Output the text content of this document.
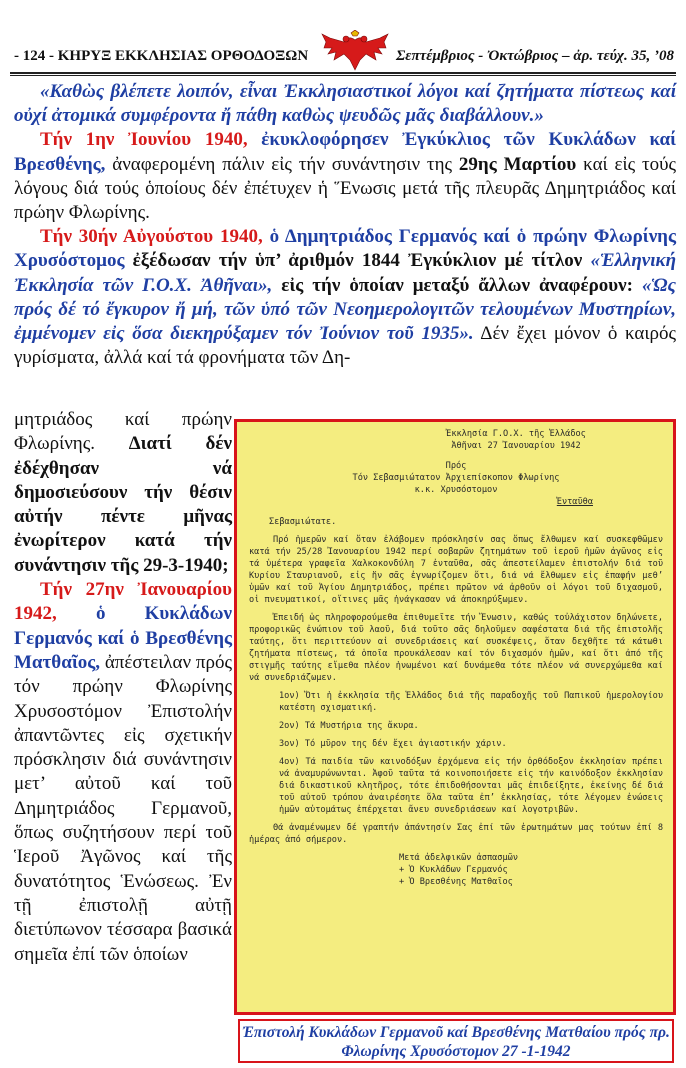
- 124 - ΚΗΡΥΞ ΕΚΚΛΗΣΙΑΣ ΟΡΘΟΔΟΞΩΝ	Σεπτέμβριος - Ὀκτώβριος – ἀρ. τεύχ. 35, ’08

«Καθὼς βλέπετε λοιπόν, εἶναι Ἐκκλησιαστικοί λόγοι καί ζητήματα πίστεως καί οὐχί ἀτομικά συμφέροντα ἤ πάθη καθὼς ψευδῶς μᾶς διαβάλλουν.»

Τήν 1ην Ἰουνίου 1940, ἐκυκλοφόρησεν Ἐγκύκλιος τῶν Κυκλάδων καί Βρεσθένης, ἀναφερομένη πάλιν εἰς τήν συνάντησιν της 29ης Μαρτίου καί εἰς τούς λόγους διά τούς ὁποίους δέν ἐπέτυχεν ἡ Ἕνωσις μετά τῆς πλευρᾶς Δημητριάδος καί πρώην Φλωρίνης.

Τήν 30ήν Αὐγούστου 1940, ὁ Δημητριάδος Γερμανός καί ὁ πρώην Φλωρίνης Χρυσόστομος ἐξέδωσαν τήν ὑπ’ ἀριθμόν 1844 Ἐγκύκλιον μέ τίτλον «Ἑλληνική Ἐκκλησία τῶν Γ.Ο.Χ. Ἀθῆναι», εἰς τήν ὁποίαν μεταξύ ἄλλων ἀναφέρουν: «Ὡς πρός δέ τό ἔγκυρον ἤ μή, τῶν ὑπό τῶν Νεοημερολογιτῶν τελουμένων Μυστηρίων, ἐμμένομεν εἰς ὅσα διεκηρύξαμεν τόν Ἰούνιον τοῦ 1935». Δέν ἔχει μόνον ὁ καιρός γυρίσματα, ἀλλά καί τά φρονήματα τῶν Δη-

μητριάδος καί πρώην Φλωρίνης. Διατί δέν ἐδέχθησαν νά δημοσιεύσουν τήν θέσιν αὐτήν πέντε μῆνας ἐνωρίτερον κατά τήν συνάντησιν τῆς 29-3-1940;

Τήν 27ην Ἰανουαρίου 1942, ὁ Κυκλάδων Γερμανός καί ὁ Βρεσθένης Ματθαῖος, ἀπέστειλαν πρός τόν πρώην Φλωρίνης Χρυσοστόμον Ἐπιστολήν ἀπαντῶντες εἰς σχετικήν πρόσκλησιν διά συνάντησιν μετ’ αὐτοῦ καί τοῦ Δημητριάδος Γερμανοῦ, ὅπως συζητήσουν περί τοῦ Ἱεροῦ Ἀγῶνος καί τῆς δυνατότητος Ἑνώσεως. Ἐν τῇ ἐπιστολῇ αὐτῇ διετύπωνον τέσσαρα βασικά σημεῖα ἐπί τῶν ὁποίων

Ἐκκλησία Γ.Ο.Χ. τῆς Ἑλλάδος
Ἀθῆναι 27 Ἰανουαρίου 1942
Πρός
Τόν Σεβασμιώτατον Ἀρχιεπίσκοπον Φλωρίνης
κ.κ. Χρυσόστομον
Ἐνταῦθα

Σεβασμιώτατε.

Πρό ἡμερῶν καί ὅταν ἐλάβομεν πρόσκλησίν σας ὅπως ἔλθωμεν καί συσκεφθῶμεν κατά τήν 25/28 Ἰανουαρίου 1942 περί σοβαρῶν ζητημάτων τοῦ ἱεροῦ ἡμῶν ἀγῶνος εἰς τά ὑμέτερα γραφεῖα Χαλκοκονδύλη 7 ἐνταῦθα, σᾶς ἀπεστείλαμεν ἐπιστολήν διά τοῦ Κυρίου Σταυριανοῦ, εἰς ἥν σᾶς ἐγνωρίζομεν ὅτι, διά νά ἔλθωμεν εἰς ἐπαφήν μεθ’ ὑμῶν καί τοῦ Ἁγίου Δημητριάδος, πρέπει πρῶτον νά ἀρθοῦν οἱ λόγοι τοῦ διχασμοῦ, οἱ πνευματικοί, οἵτινες μᾶς ἠνάγκασαν νά ἀποκηρύξωμεν.

Ἐπειδή ὡς πληροφορούμεθα ἐπιθυμεῖτε τήν Ἕνωσιν, καθώς τοὐλάχιστον δηλώνετε, προφορικῶς ἐνώπιον τοῦ λαοῦ, διά τοῦτο σᾶς δηλοῦμεν σαφέστατα διά τῆς ἐπιστολῆς ταύτης, ὅτι περιττεύουν αἱ συνεδριάσεις καί συσκέψεις, ὅταν δεχθῆτε τά κάτωθι ζητήματα πίστεως, τά ὁποῖα προυκάλεσαν καί τόν διχασμόν ἡμῶν, καί ὅτι ἀπό τῆς στιγμῆς ταύτης εἴμεθα πλέον ἡνωμένοι καί δυνάμεθα τότε πλέον νά συνερχώμεθα καί νά συνεδριάζωμεν.

1ον) Ὅτι ἡ ἐκκλησία τῆς Ἑλλάδος διά τῆς παραδοχῆς τοῦ Παπικοῦ ἡμερολογίου κατέστη σχισματική.

2ον) Τά Μυστήρια της ἄκυρα.

3ον) Τό μῦρον της δέν ἔχει ἁγιαστικήν χάριν.

4ον) Τά παιδία τῶν καινοδόξων ἐρχόμενα εἰς τήν ὀρθόδοξον ἐκκλησίαν πρέπει νά ἀναμυρώνωνται. Ἀφοῦ ταῦτα τά κοινοποιήσετε εἰς τήν καινόδοξον ἐκκλησίαν διά δικαστικοῦ κλητῆρος, τότε ἐπιδοθήσονται μᾶς ἐπιδείξητε, ἐκείνης δέ διά τοῦ αὐτοῦ τρόπου ἀναιρέσητε ὅλα ταῦτα ἐπ’ ἐκκλησίας, τότε λέγομεν ἐνώσεις ἡμῶν αὐτομάτως ἐπέρχεται ἄνευ συνεδριάσεων καί λογοτριβῶν.

Θά ἀναμένωμεν δέ γραπτήν ἀπάντησίν Σας ἐπί τῶν ἐρωτημάτων μας τούτων ἐπί 8 ἡμέρας ἀπό σήμερον.

Μετά ἀδελφικῶν ἀσπασμῶν
+ Ὁ Κυκλάδων Γερμανός
+ Ὁ Βρεσθένης Ματθαῖος
Ἐπιστολή Κυκλάδων Γερμανοῦ καί Βρεσθένης Ματθαίου πρός πρ. Φλωρίνης Χρυσόστομον 27 -1-1942
